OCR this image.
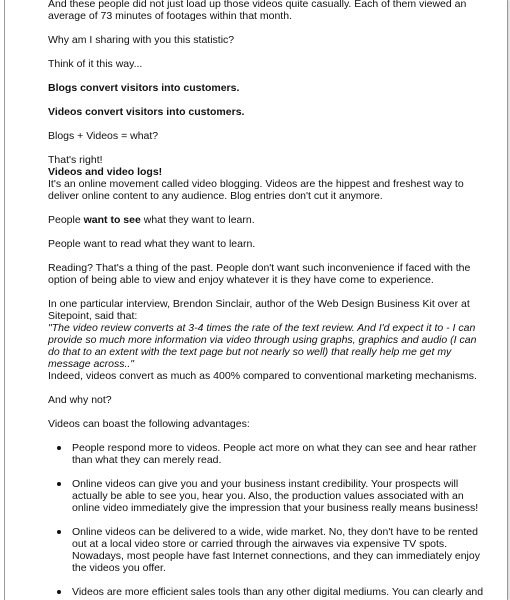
And these people did not just load up those videos quite casually. Each of them viewed an average of 73 minutes of footages within that month.

Why am I sharing with you this statistic?

Think of it this way...

Blogs convert visitors into customers.

Videos convert visitors into customers.

Blogs + Videos = what?

That's right!

Videos and video logs!

It's an online movement called video blogging. Videos are the hippest and freshest way to deliver online content to any audience. Blog entries don't cut it anymore.

People want to see what they want to learn.

People want to read what they want to learn.

Reading? That's a thing of the past. People don't want such inconvenience if faced with the option of being able to view and enjoy whatever it is they have come to experience.

In one particular interview, Brendon Sinclair, author of the Web Design Business Kit over at Sitepoint, said that:

"The video review converts at 3-4 times the rate of the text review. And I'd expect it to - I can provide so much more information via video through using graphs, graphics and audio (I can do that to an extent with the text page but not nearly so well) that really help me get my message across.."

Indeed, videos convert as much as 400% compared to conventional marketing mechanisms.

And why not?

Videos can boast the following advantages:

People respond more to videos. People act more on what they can see and hear rather than what they can merely read.
Online videos can give you and your business instant credibility. Your prospects will actually be able to see you, hear you. Also, the production values associated with an online video immediately give the impression that your business really means business!
Online videos can be delivered to a wide, wide market. No, they don't have to be rented out at a local video store or carried through the airwaves via expensive TV spots. Nowadays, most people have fast Internet connections, and they can immediately enjoy the videos you offer.
Videos are more efficient sales tools than any other digital mediums. You can clearly and
